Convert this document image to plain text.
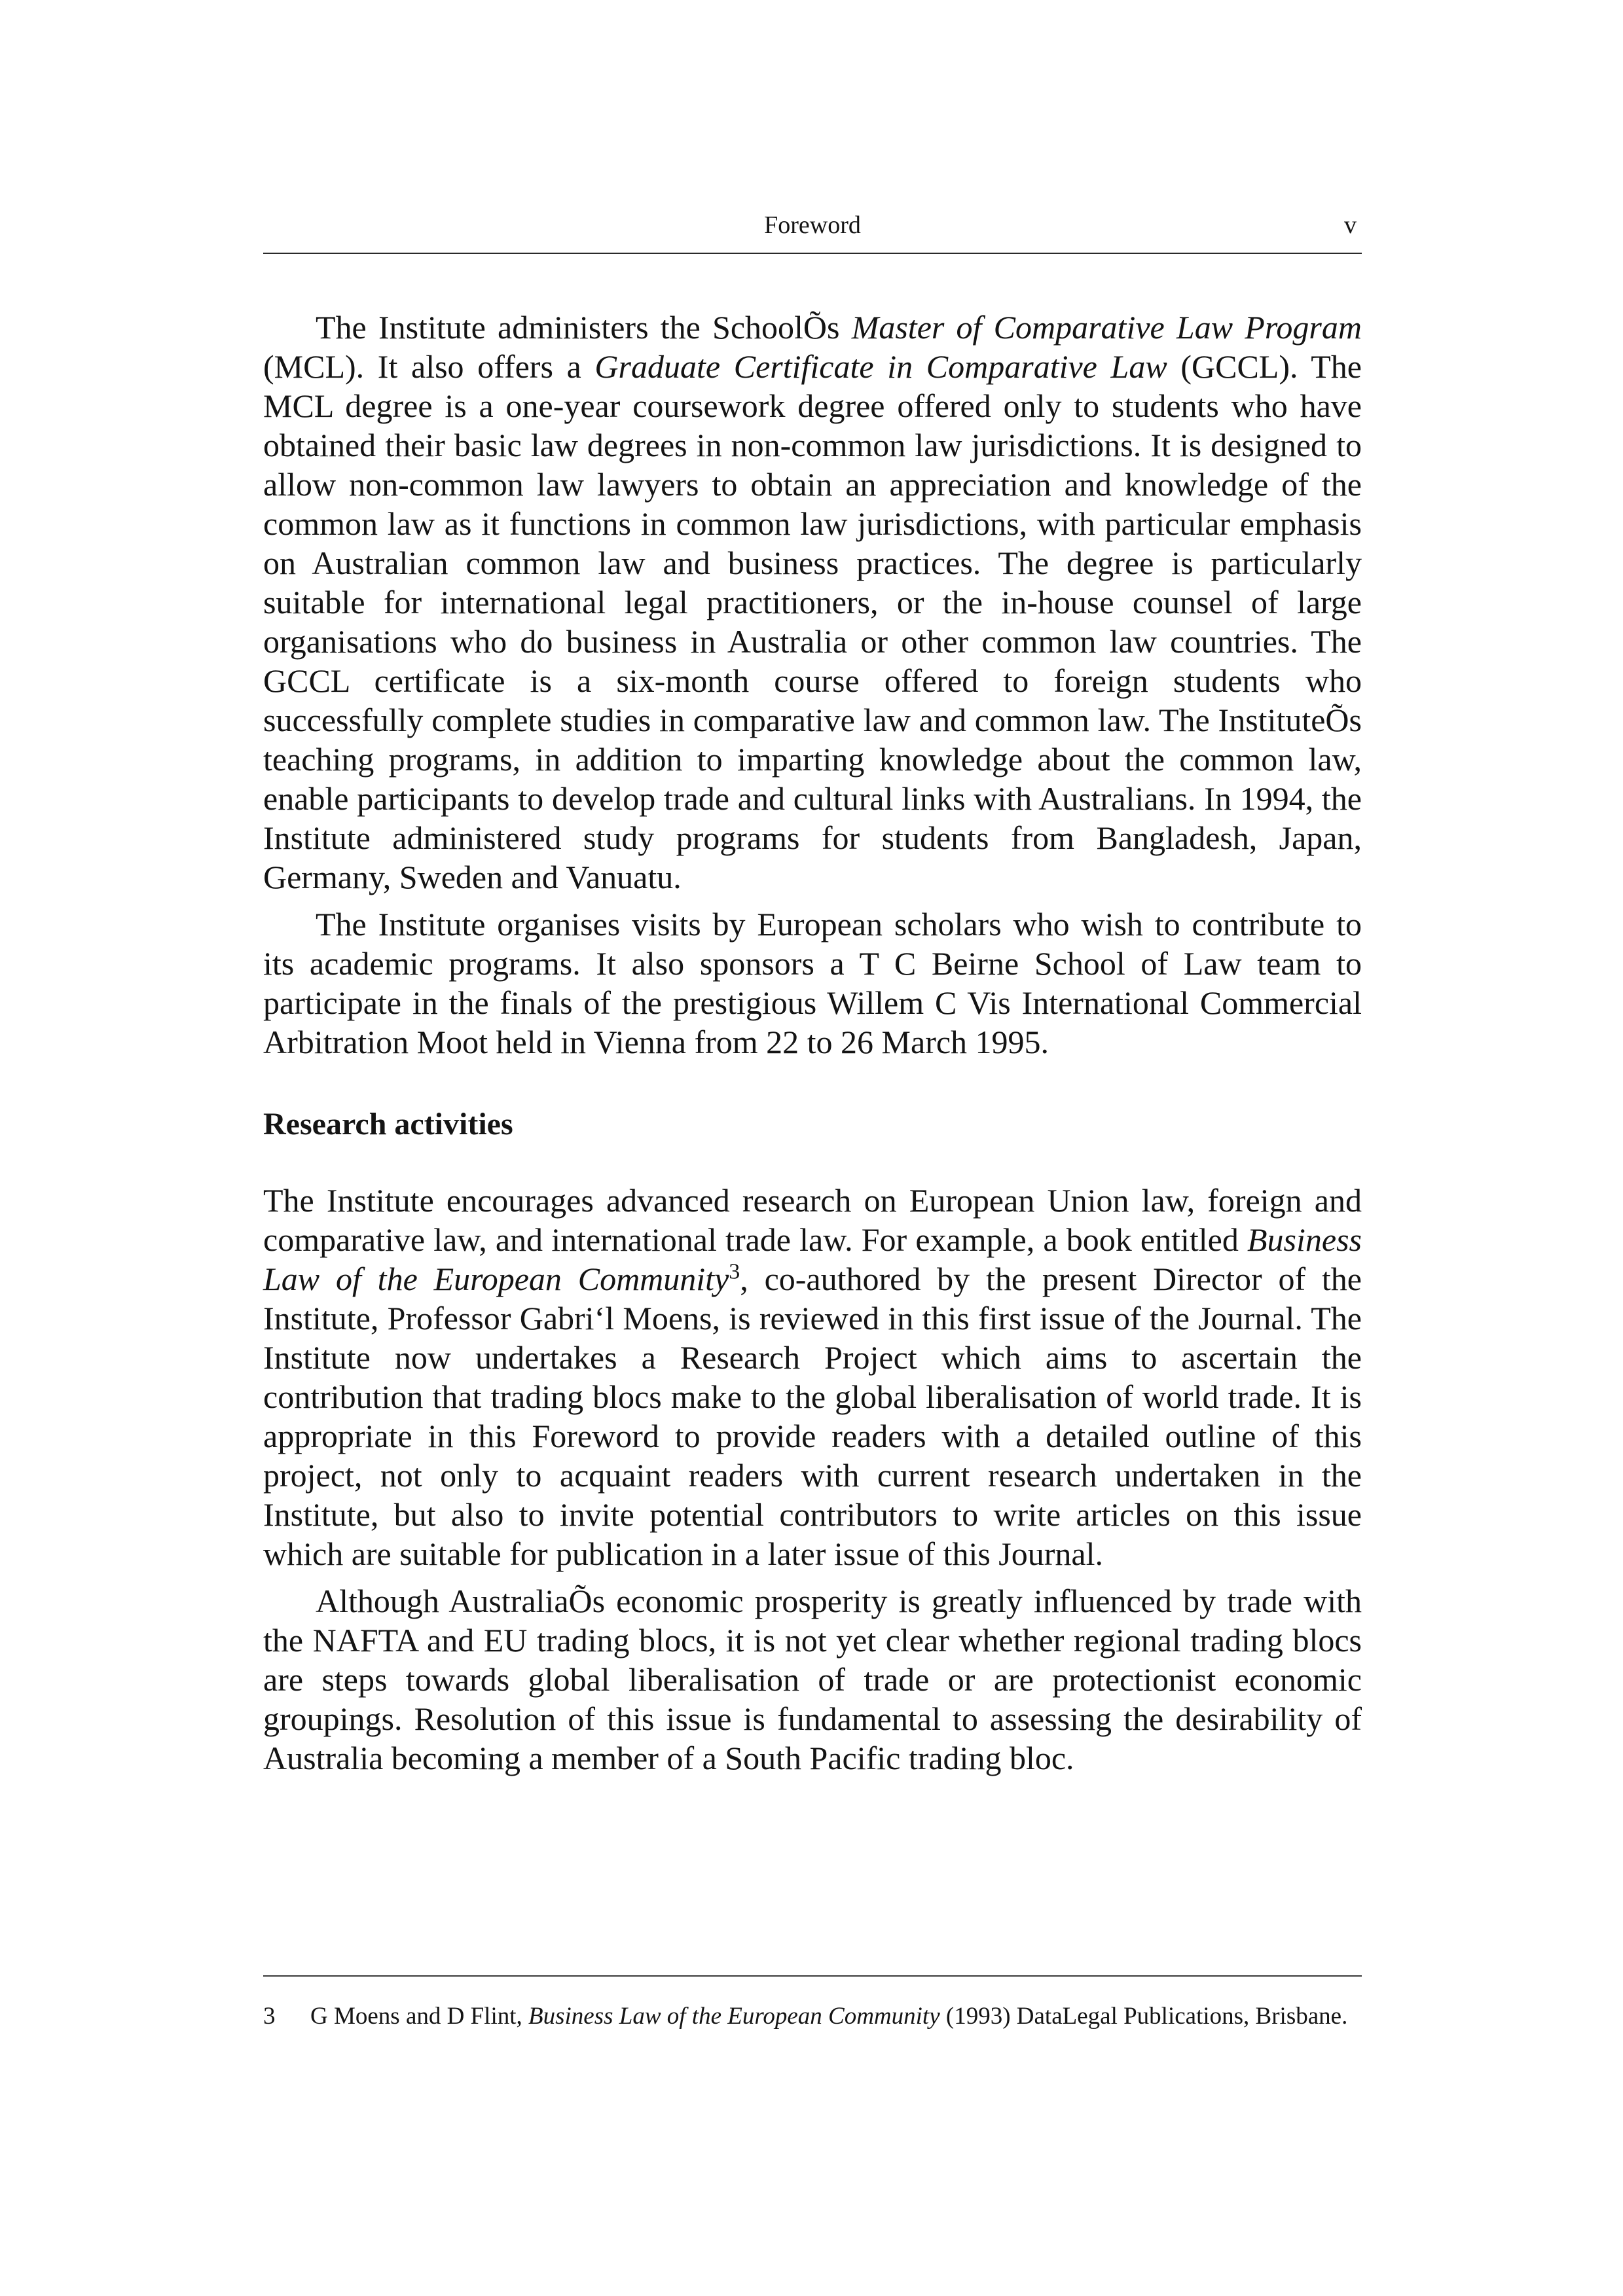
Foreword	v

The Institute administers the SchoolÕs Master of Comparative Law Program (MCL). It also offers a Graduate Certificate in Comparative Law (GCCL). The MCL degree is a one-year coursework degree offered only to students who have obtained their basic law degrees in non-common law jurisdictions. It is designed to allow non-common law lawyers to obtain an appreciation and knowledge of the common law as it functions in common law jurisdictions, with particular emphasis on Australian common law and business practices. The degree is particularly suitable for international legal practitioners, or the in-house counsel of large organisations who do business in Australia or other common law countries. The GCCL certificate is a six-month course offered to foreign students who successfully complete studies in comparative law and common law. The InstituteÕs teaching programs, in addition to imparting knowledge about the common law, enable participants to develop trade and cultural links with Australians. In 1994, the Institute administered study programs for students from Bangladesh, Japan, Germany, Sweden and Vanuatu.

The Institute organises visits by European scholars who wish to contribute to its academic programs. It also sponsors a T C Beirne School of Law team to participate in the finals of the prestigious Willem C Vis International Commercial Arbitration Moot held in Vienna from 22 to 26 March 1995.

Research activities

The Institute encourages advanced research on European Union law, foreign and comparative law, and international trade law. For example, a book entitled Business Law of the European Community$^3$, co-authored by the present Director of the Institute, Professor Gabri‘l Moens, is reviewed in this first issue of the Journal. The Institute now undertakes a Research Project which aims to ascertain the contribution that trading blocs make to the global liberalisation of world trade. It is appropriate in this Foreword to provide readers with a detailed outline of this project, not only to acquaint readers with current research undertaken in the Institute, but also to invite potential contributors to write articles on this issue which are suitable for publication in a later issue of this Journal.

Although AustraliaÕs economic prosperity is greatly influenced by trade with the NAFTA and EU trading blocs, it is not yet clear whether regional trading blocs are steps towards global liberalisation of trade or are protectionist economic groupings. Resolution of this issue is fundamental to assessing the desirability of Australia becoming a member of a South Pacific trading bloc.

3 G Moens and D Flint, Business Law of the European Community (1993) DataLegal Publications, Brisbane.
